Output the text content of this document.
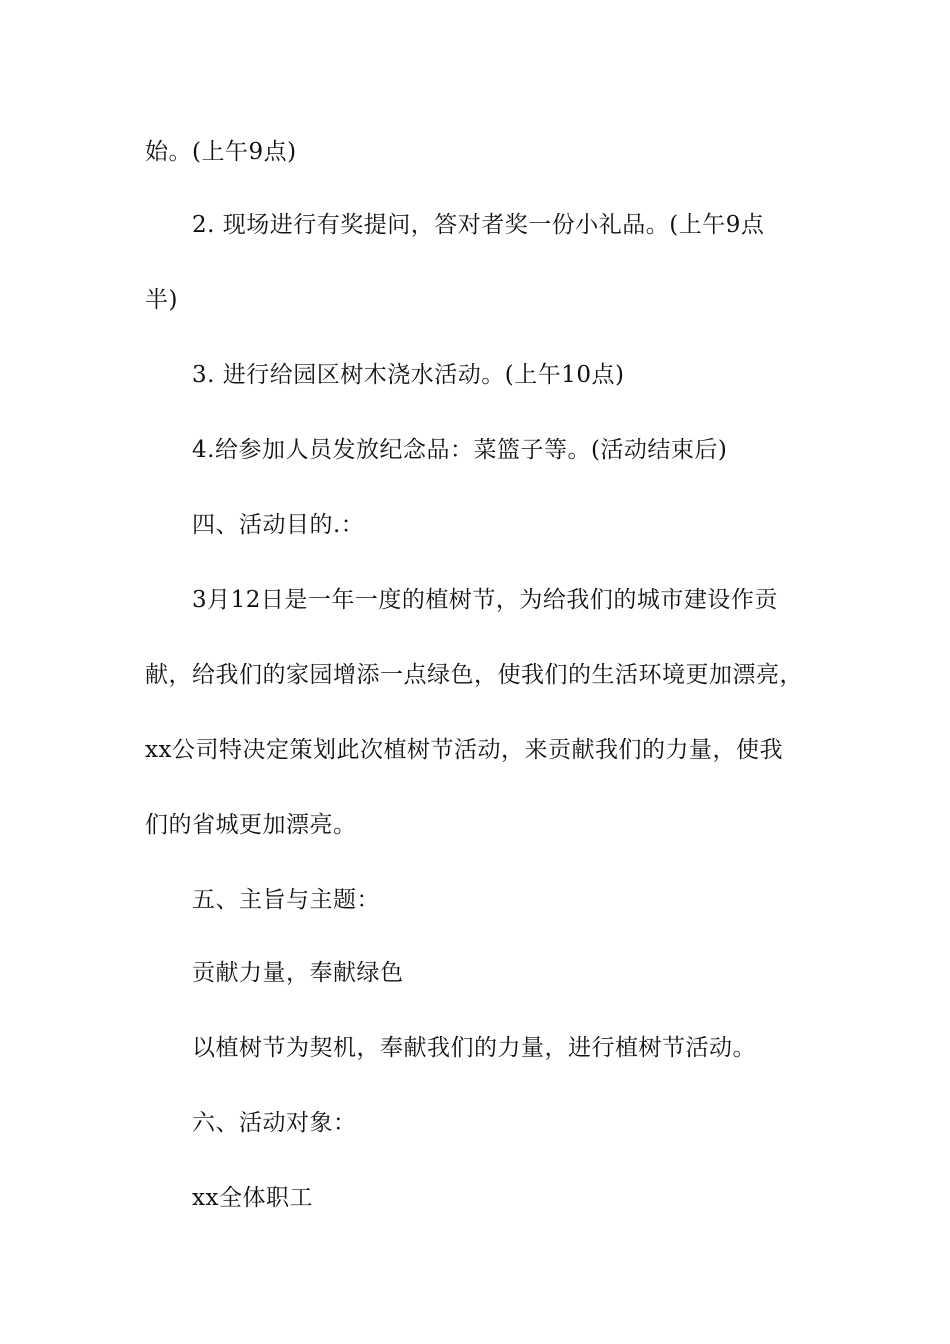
始。(上午9点)
2. 现场进行有奖提问，答对者奖一份小礼品。(上午9点
半)
3. 进行给园区树木浇水活动。(上午10点)
4.给参加人员发放纪念品：菜篮子等。(活动结束后)
四、活动目的.：
3月12日是一年一度的植树节，为给我们的城市建设作贡
献，给我们的家园增添一点绿色，使我们的生活环境更加漂亮，
xx公司特决定策划此次植树节活动，来贡献我们的力量，使我
们的省城更加漂亮。
五、主旨与主题：
贡献力量，奉献绿色
以植树节为契机，奉献我们的力量，进行植树节活动。
六、活动对象：
xx全体职工
